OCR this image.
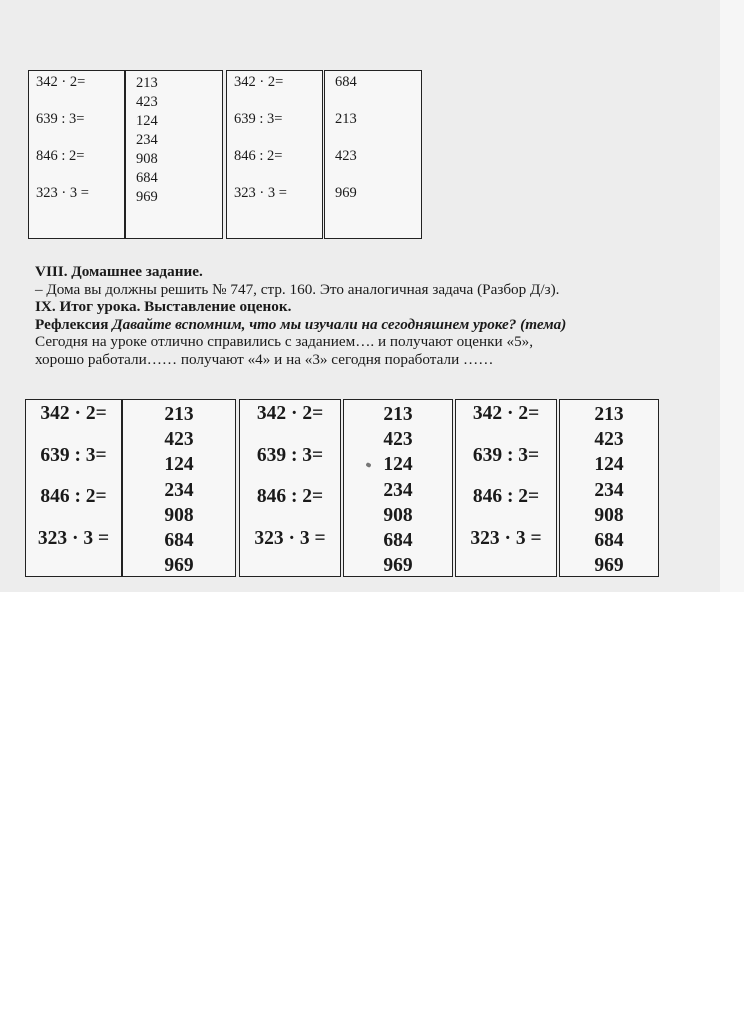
342 · 2=
639 : 3=
846 : 2=
323 · 3 =
213
423
124
234
908
684
969
342 · 2=
639 : 3=
846 : 2=
323 · 3 =
684
213
423
969
VIII. Домашнее задание.
– Дома вы должны решить № 747, стр. 160. Это аналогичная задача (Разбор Д/з).
IX. Итог урока. Выставление оценок.
Рефлексия Давайте вспомним, что мы изучали на сегодняшнем уроке? (тема)
Сегодня на уроке отлично справились с заданием…. и получают оценки «5»,
хорошо работали…… получают «4» и на «3» сегодня поработали ……
342 · 2=
639 : 3=
846 : 2=
323 · 3 =
213
423
124
234
908
684
969
342 · 2=
639 : 3=
846 : 2=
323 · 3 =
213
423
124
234
908
684
969
342 · 2=
639 : 3=
846 : 2=
323 · 3 =
213
423
124
234
908
684
969
